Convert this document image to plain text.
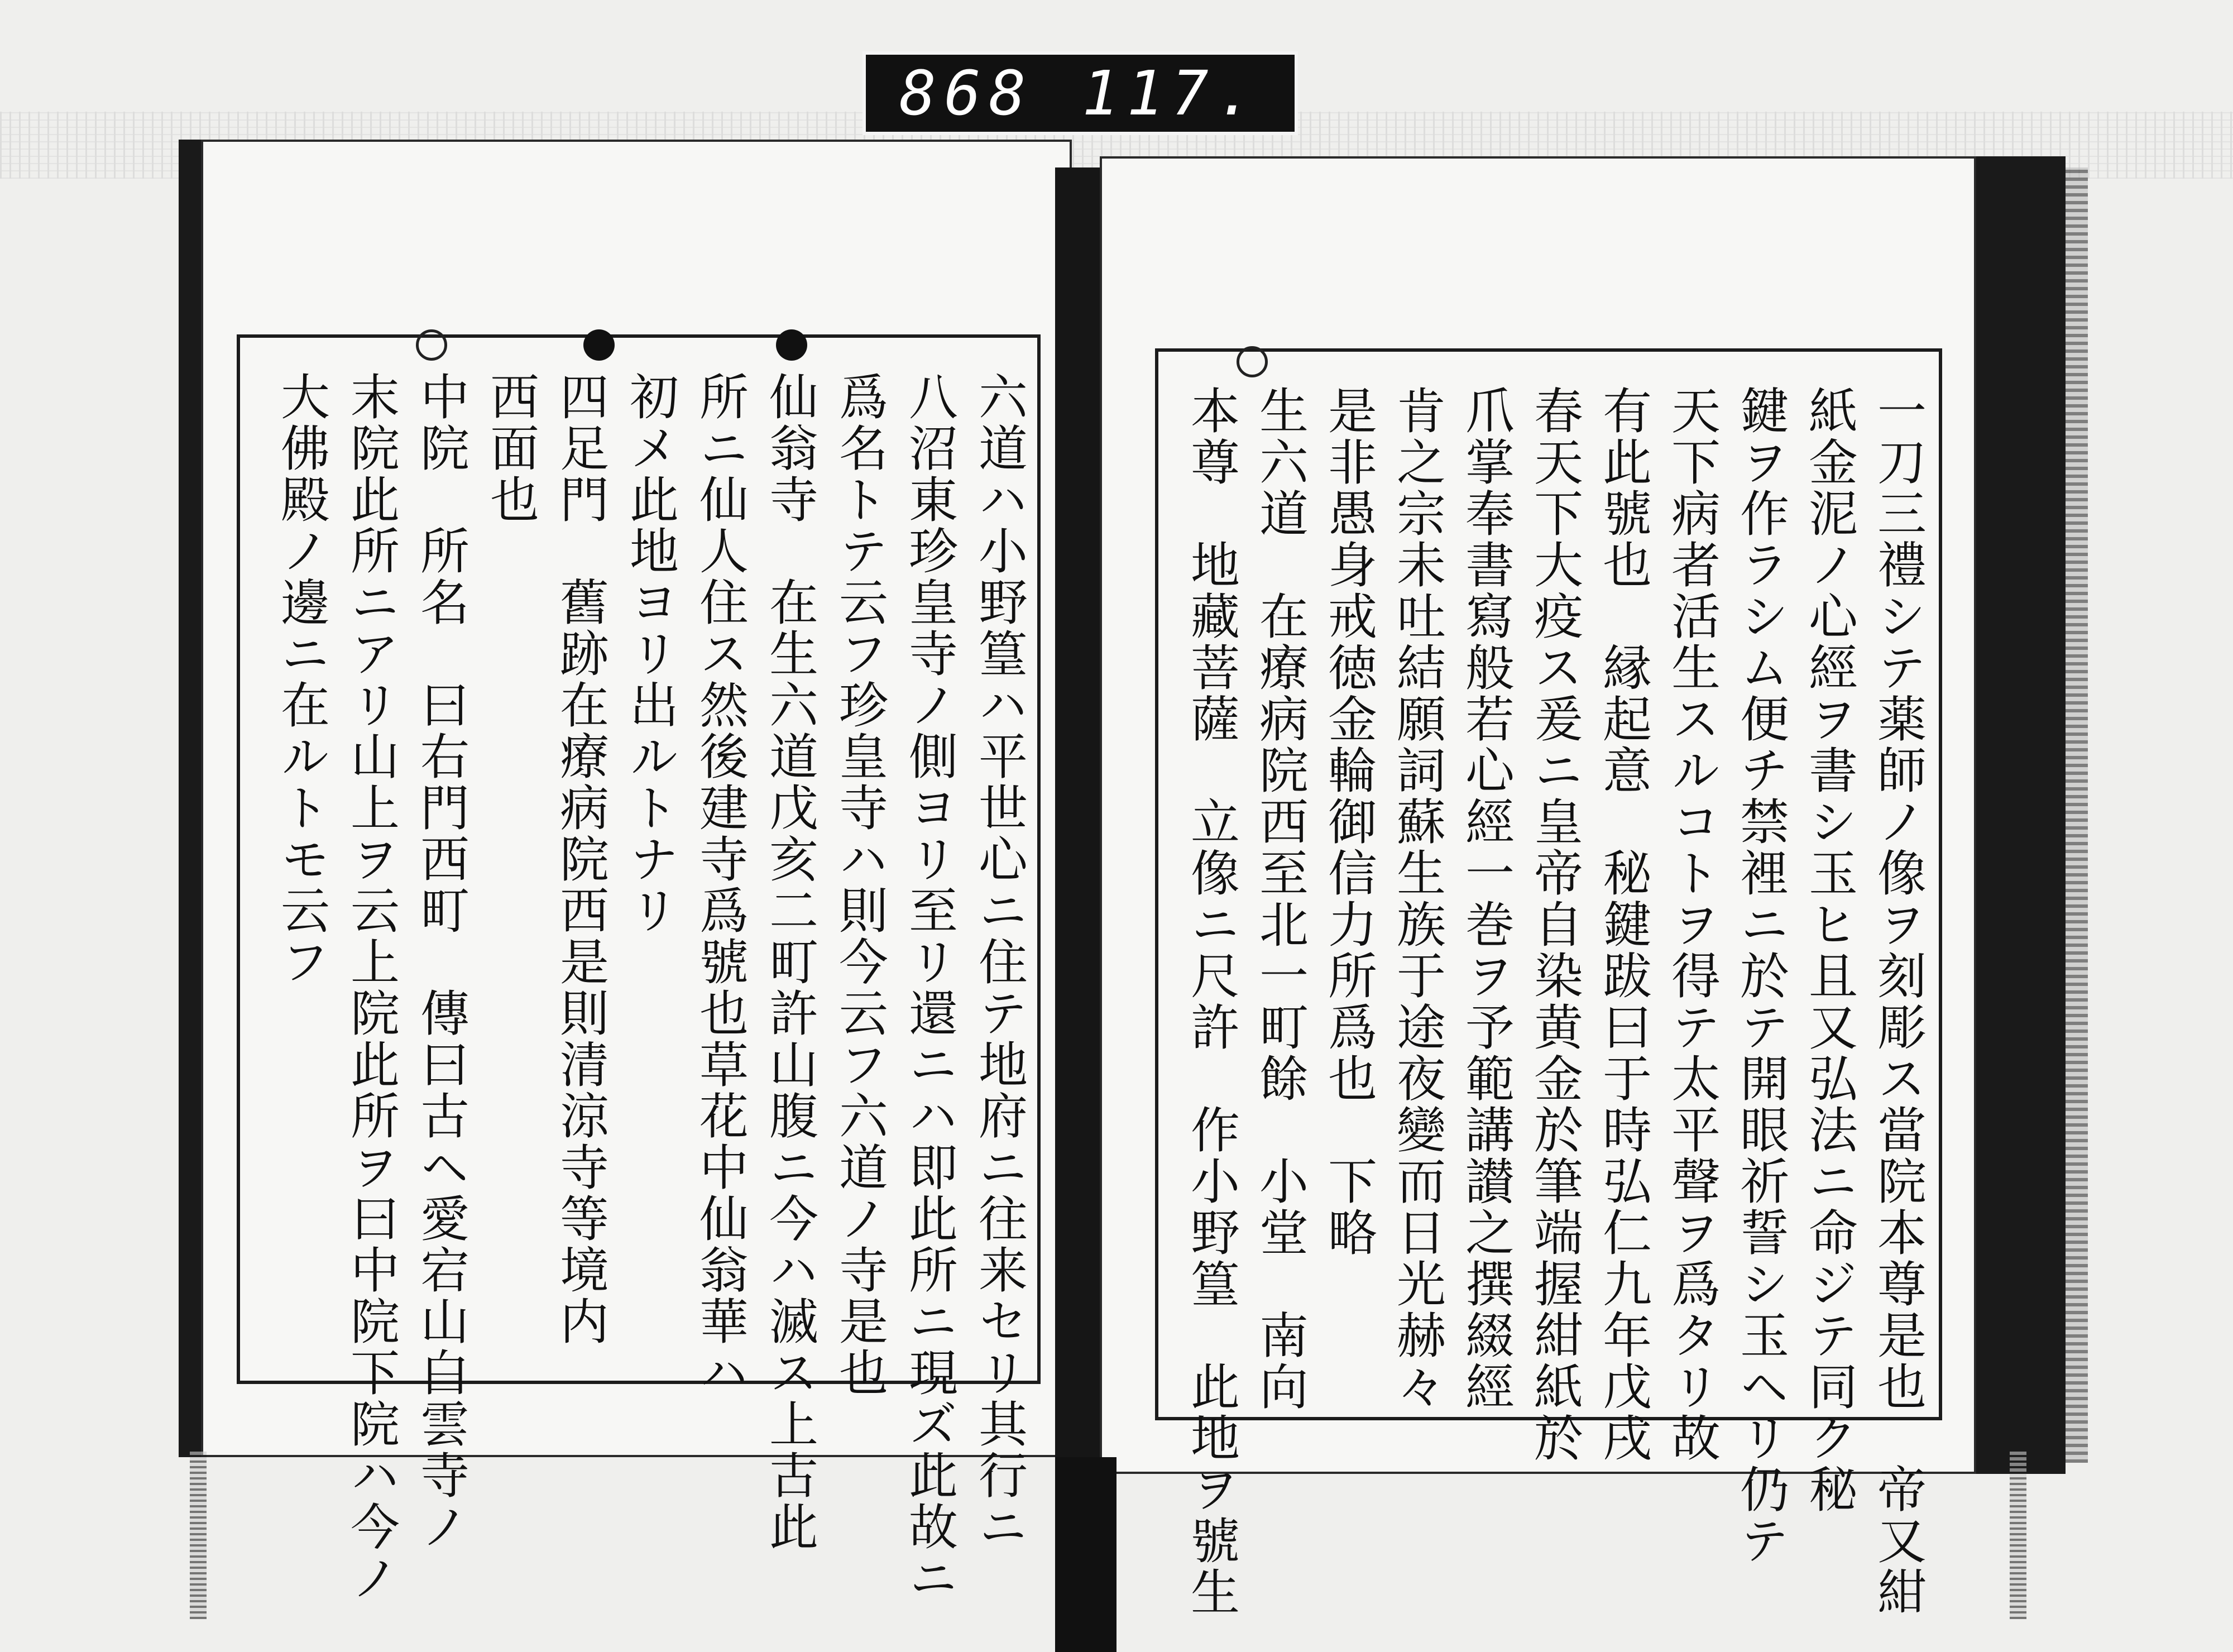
868 117.
六道ハ小野篁ハ平世心ニ住テ地府ニ往来セリ其行ニ
八沼東珍皇寺ノ側ヨリ至リ還ニハ即此所ニ現ズ此故ニ
爲名トテ云フ珍皇寺ハ則今云フ六道ノ寺是也
仙翁寺　在生六道戊亥二町許山腹ニ今ハ滅ス上古此
所ニ仙人住ス然後建寺爲號也草花中仙翁華ハ
初メ此地ヨリ出ルトナリ
四足門　舊跡在療病院西是則清涼寺等境内
西面也
中院　所名　曰右門西町　傳曰古ヘ愛宕山白雲寺ノ
末院此所ニアリ山上ヲ云上院此所ヲ曰中院下院ハ今ノ
大佛殿ノ邊ニ在ルトモ云フ	一刀三禮シテ薬師ノ像ヲ刻彫ス當院本尊是也　帝又紺
紙金泥ノ心經ヲ書シ玉ヒ且又弘法ニ命ジテ同ク秘
鍵ヲ作ラシム便チ禁裡ニ於テ開眼祈誓シ玉ヘリ仍テ
天下病者活生スルコトヲ得テ太平聲ヲ爲タリ故
有此號也　縁起意　秘鍵跋曰于時弘仁九年戊戌
春天下大疫ス爰ニ皇帝自染黄金於筆端握紺紙於
爪掌奉書寫般若心經一巻ヲ予範講讃之撰綴經
肯之宗未吐結願詞蘇生族于途夜變而日光赫々
是非愚身戒徳金輪御信力所爲也　下略
生六道　在療病院西至北一町餘　小堂　南向
本尊　地藏菩薩　立像ニ尺許　作小野篁　此地ヲ號生
